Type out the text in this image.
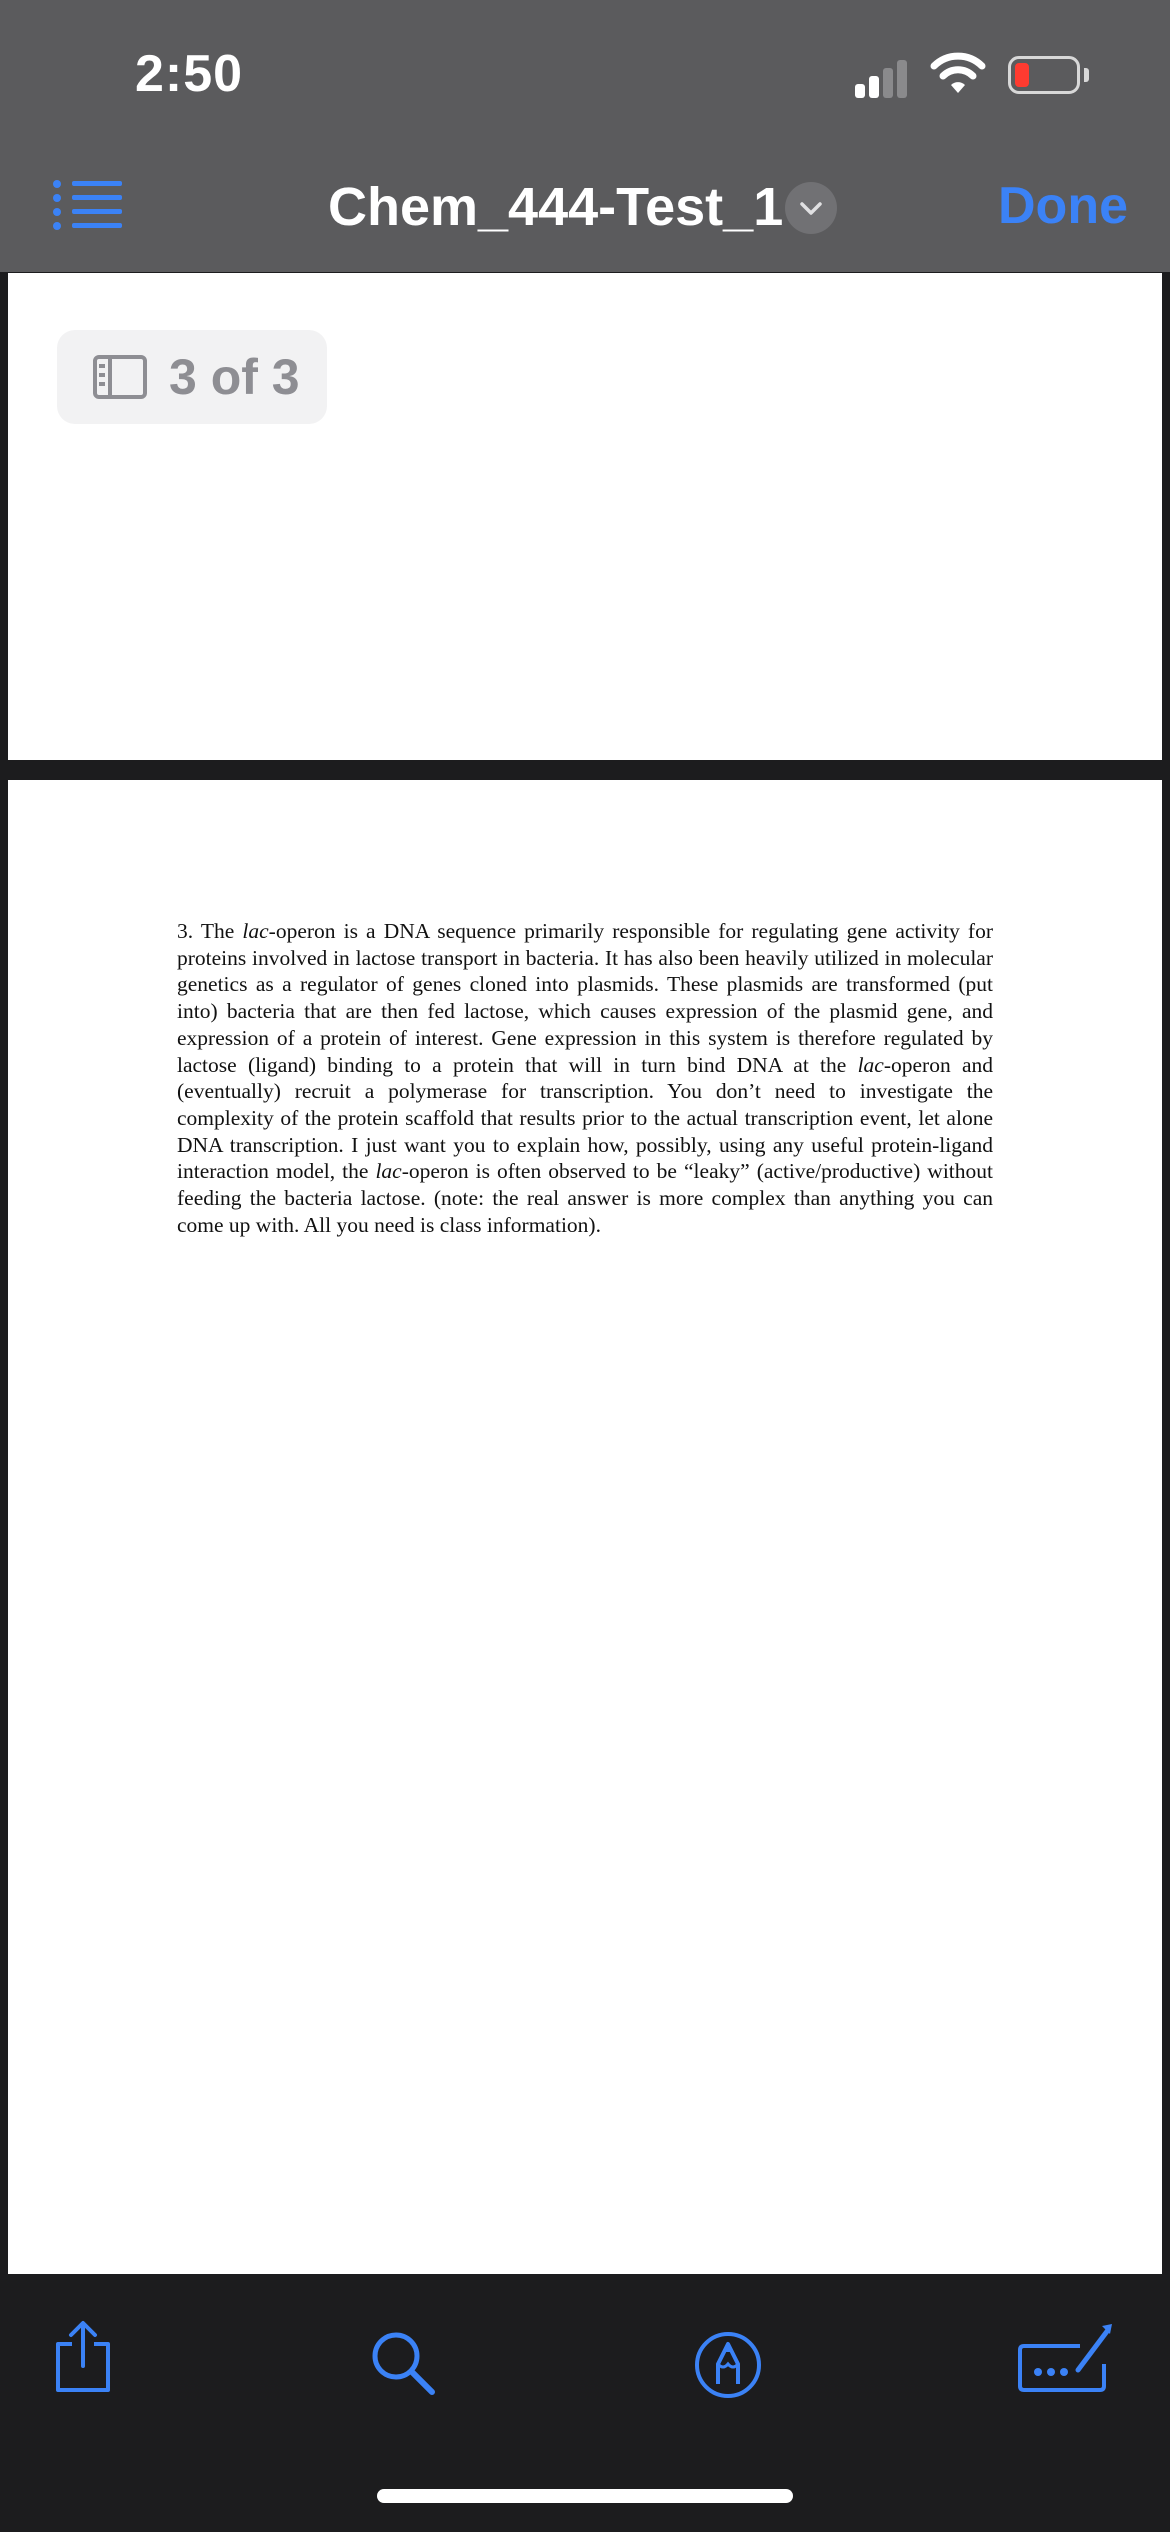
2:50
Chem_444-Test_1	Done
3 of 3

3. The lac-operon is a DNA sequence primarily responsible for regulating gene activity for proteins involved in lactose transport in bacteria. It has also been heavily utilized in molecular genetics as a regulator of genes cloned into plasmids. These plasmids are transformed (put into) bacteria that are then fed lactose, which causes expression of the plasmid gene, and expression of a protein of interest. Gene expression in this system is therefore regulated by lactose (ligand) binding to a protein that will in turn bind DNA at the lac-operon and (eventually) recruit a polymerase for transcription. You don’t need to investigate the complexity of the protein scaffold that results prior to the actual transcription event, let alone DNA transcription. I just want you to explain how, possibly, using any useful protein-ligand interaction model, the lac-operon is often observed to be “leaky” (active/productive) without feeding the bacteria lactose. (note: the real answer is more complex than anything you can come up with. All you need is class information).
